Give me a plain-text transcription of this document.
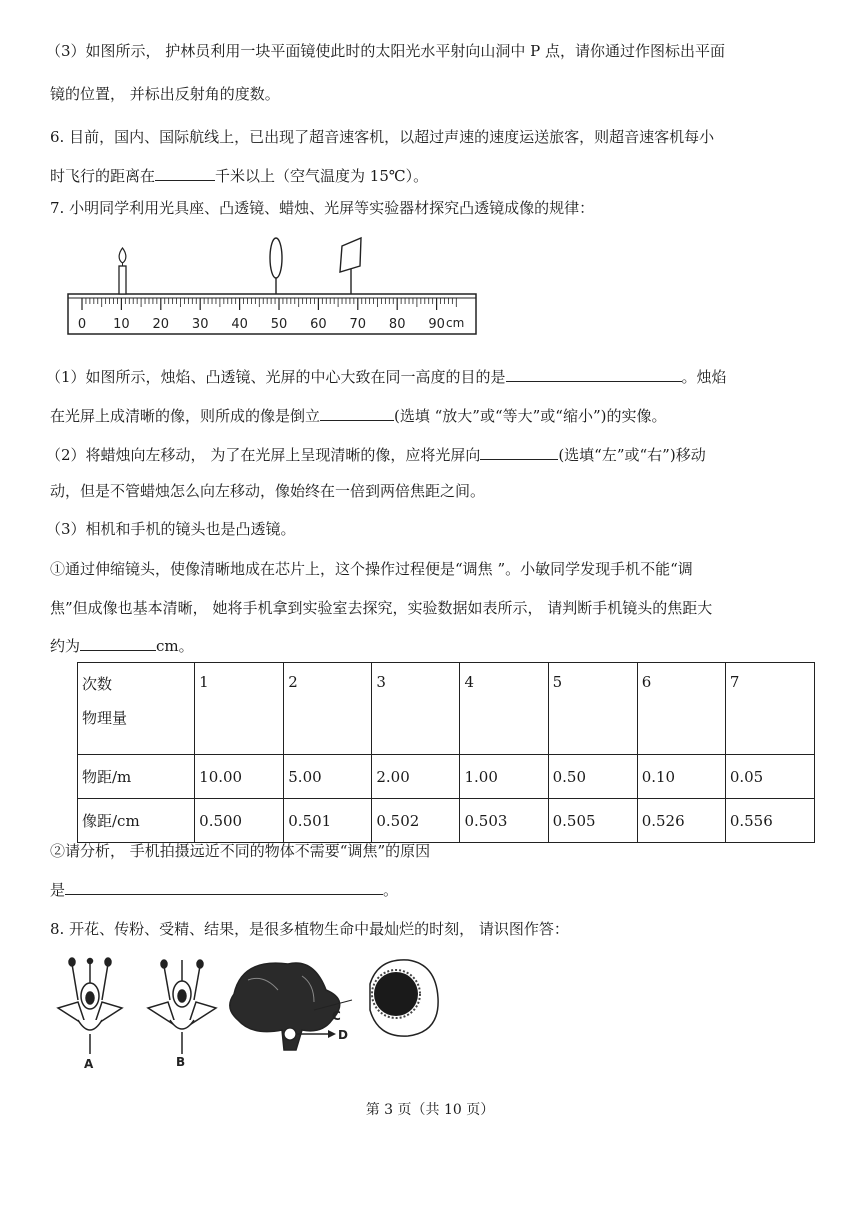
（3）如图所示， 护林员利用一块平面镜使此时的太阳光水平射向山洞中 P 点，请你通过作图标出平面
镜的位置， 并标出反射角的度数。
6. 目前，国内、国际航线上，已出现了超音速客机，以超过声速的速度运送旅客，则超音速客机每小
时飞行的距离在	千米以上（空气温度为 15℃）。
7. 小明同学利用光具座、凸透镜、蜡烛、光屏等实验器材探究凸透镜成像的规律：
0 10 20 30 40 50 60 70 80 90 cm
（1）如图所示，烛焰、凸透镜、光屏的中心大致在同一高度的目的是	。烛焰
在光屏上成清晰的像，则所成的像是倒立	(选填 “放大”或“等大”或“缩小”)的实像。
（2）将蜡烛向左移动， 为了在光屏上呈现清晰的像，应将光屏向	(选填“左”或“右”)移动
动，但是不管蜡烛怎么向左移动，像始终在一倍到两倍焦距之间。
（3）相机和手机的镜头也是凸透镜。
①通过伸缩镜头，使像清晰地成在芯片上，这个操作过程便是“调焦 ”。小敏同学发现手机不能“调
焦”但成像也基本清晰， 她将手机拿到实验室去探究，实验数据如表所示， 请判断手机镜头的焦距大
约为	cm。
次数
物理量	1	2	3	4	5	6	7
物距/m	10.00	5.00	2.00	1.00	0.50	0.10	0.05
像距/cm	0.500	0.501	0.502	0.503	0.505	0.526	0.556
②请分析， 手机拍摄远近不同的物体不需要“调焦”的原因
是	。
8. 开花、传粉、受精、结果，是很多植物生命中最灿烂的时刻， 请识图作答：
A	B
C
D
第 3 页（共 10 页）
